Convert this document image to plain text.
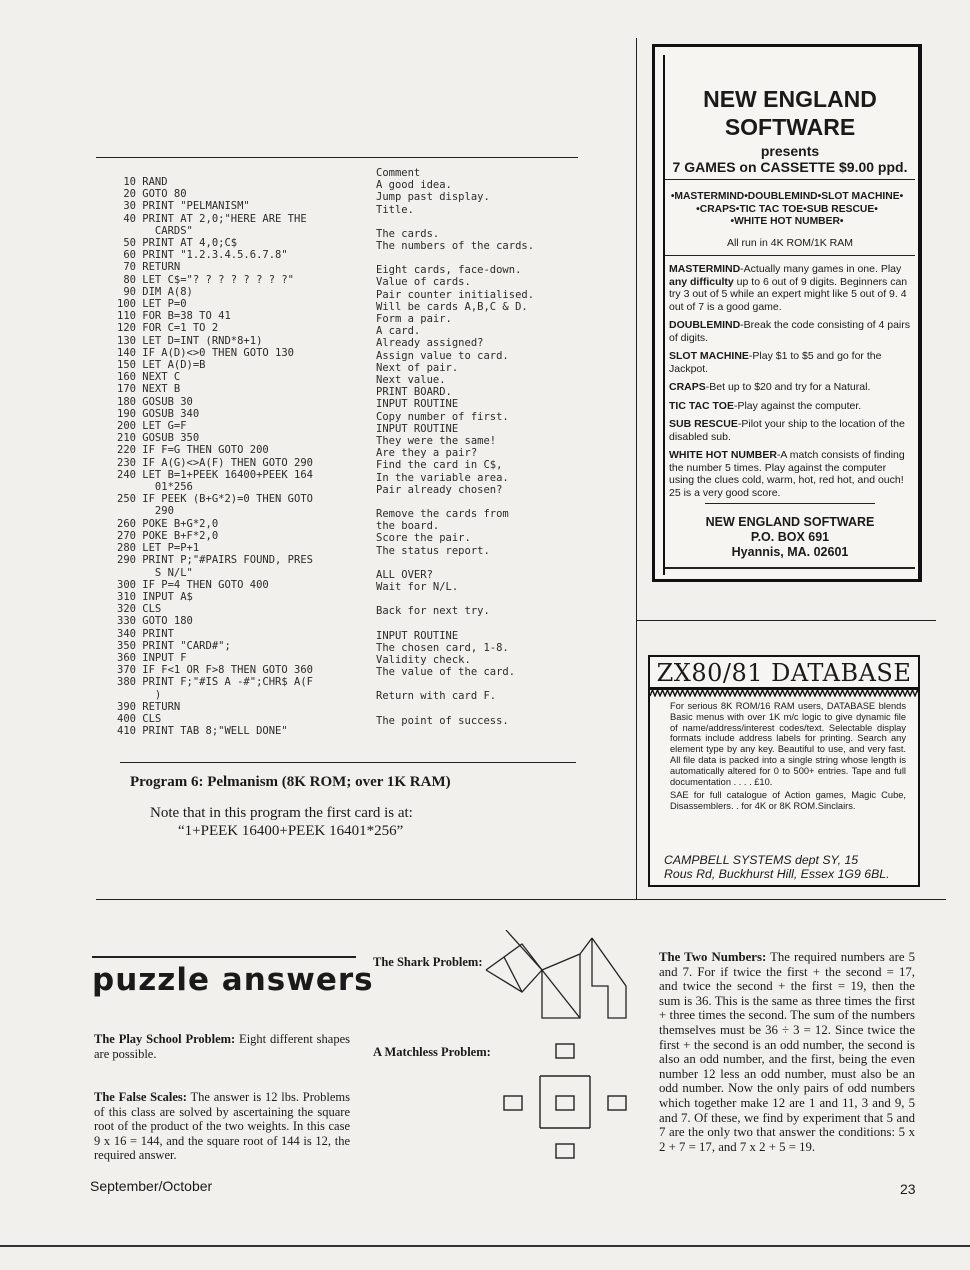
10 RAND
20 GOTO 80
30 PRINT "PELMANISM"
40 PRINT AT 2,0;"HERE ARE THE
CARDS"
50 PRINT AT 4,0;C$
60 PRINT "1.2.3.4.5.6.7.8"
70 RETURN
80 LET C$="? ? ? ? ? ? ? ?"
90 DIM A(8)
100 LET P=0
110 FOR B=38 TO 41
120 FOR C=1 TO 2
130 LET D=INT (RND*8+1)
140 IF A(D)<>0 THEN GOTO 130
150 LET A(D)=B
160 NEXT C
170 NEXT B
180 GOSUB 30
190 GOSUB 340
200 LET G=F
210 GOSUB 350
220 IF F=G THEN GOTO 200
230 IF A(G)<>A(F) THEN GOTO 290
240 LET B=1+PEEK 16400+PEEK 164
01*256
250 IF PEEK (B+G*2)=0 THEN GOTO
290
260 POKE B+G*2,0
270 POKE B+F*2,0
280 LET P=P+1
290 PRINT P;"#PAIRS FOUND, PRES
S N/L"
300 IF P=4 THEN GOTO 400
310 INPUT A$
320 CLS
330 GOTO 180
340 PRINT
350 PRINT "CARD#";
360 INPUT F
370 IF F<1 OR F>8 THEN GOTO 360
380 PRINT F;"#IS A -#";CHR$ A(F
)
390 RETURN
400 CLS
410 PRINT TAB 8;"WELL DONE"
Comment
A good idea.
Jump past display.
Title.
The cards.
The numbers of the cards.
Eight cards, face-down.
Value of cards.
Pair counter initialised.
Will be cards A,B,C & D.
Form a pair.
A card.
Already assigned?
Assign value to card.
Next of pair.
Next value.
PRINT BOARD.
INPUT ROUTINE
Copy number of first.
INPUT ROUTINE
They were the same!
Are they a pair?
Find the card in C$,
In the variable area.
Pair already chosen?
Remove the cards from
the board.
Score the pair.
The status report.
ALL OVER?
Wait for N/L.
Back for next try.
INPUT ROUTINE
The chosen card, 1-8.
Validity check.
The value of the card.
Return with card F.
The point of success.
Program 6: Pelmanism (8K ROM; over 1K RAM)
Note that in this program the first card is at:
“1+PEEK 16400+PEEK 16401*256”
NEW ENGLAND
SOFTWARE
presents
7 GAMES on CASSETTE $9.00 ppd.
•MASTERMIND•DOUBLEMIND•SLOT MACHINE•
•CRAPS•TIC TAC TOE•SUB RESCUE•
•WHITE HOT NUMBER•
All run in 4K ROM/1K RAM
MASTERMIND-Actually many games in one. Play any difficulty up to 6 out of 9 digits. Beginners can try 3 out of 5 while an expert might like 5 out of 9. 4 out of 7 is a good game.
DOUBLEMIND-Break the code consisting of 4 pairs of digits.
SLOT MACHINE-Play $1 to $5 and go for the Jackpot.
CRAPS-Bet up to $20 and try for a Natural.
TIC TAC TOE-Play against the computer.
SUB RESCUE-Pilot your ship to the location of the disabled sub.
WHITE HOT NUMBER-A match consists of finding the number 5 times. Play against the computer using the clues cold, warm, hot, red hot, and ouch! 25 is a very good score.
NEW ENGLAND SOFTWARE
P.O. BOX 691
Hyannis, MA. 02601
ZX80/81 DATABASE
For serious 8K ROM/16 RAM users, DATABASE blends Basic menus with over 1K m/c logic to give dynamic file of name/address/interest codes/text. Selectable display formats include address labels for printing. Search any element type by any key. Beautiful to use, and very fast. All file data is packed into a single string whose length is automatically altered for 0 to 500+ entries. Tape and full documentation . . . . £10.
SAE for full catalogue of Action games, Magic Cube, Disassemblers. . for 4K or 8K ROM.Sinclairs.
CAMPBELL SYSTEMS dept SY, 15
Rous Rd, Buckhurst Hill, Essex 1G9 6BL.
puzzle answers
The Play School Problem: Eight different shapes are possible.
The False Scales: The answer is 12 lbs. Problems of this class are solved by ascertaining the square root of the product of the two weights. In this case 9 x 16 = 144, and the square root of 144 is 12, the required answer.
The Shark Problem:
A Matchless Problem:
The Two Numbers: The required numbers are 5 and 7. For if twice the first + the second = 17, and twice the second + the first = 19, then the sum is 36. This is the same as three times the first + three times the second. The sum of the numbers themselves must be 36 ÷ 3 = 12. Since twice the first + the second is an odd number, the second is also an odd number, and the first, being the even number 12 less an odd number, must also be an odd number. Now the only pairs of odd numbers which together make 12 are 1 and 11, 3 and 9, 5 and 7. Of these, we find by experiment that 5 and 7 are the only two that answer the conditions: 5 x 2 + 7 = 17, and 7 x 2 + 5 = 19.
September/October	23
